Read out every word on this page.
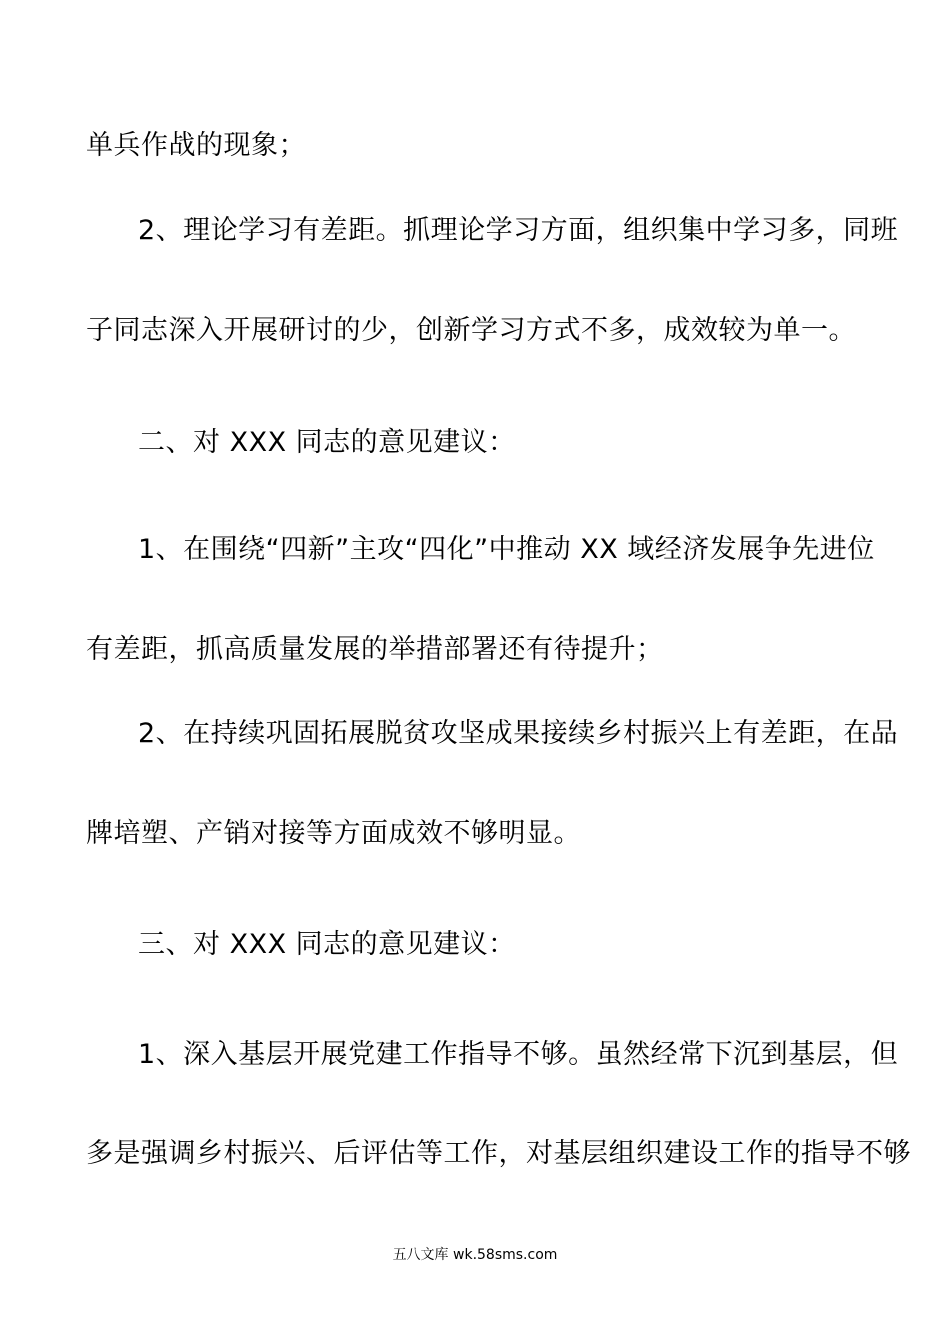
单兵作战的现象；
2、理论学习有差距。抓理论学习方面，组织集中学习多，同班
子同志深入开展研讨的少，创新学习方式不多，成效较为单一。
二、对 XXX 同志的意见建议：
1、在围绕“四新”主攻“四化”中推动 XX 域经济发展争先进位
有差距，抓高质量发展的举措部署还有待提升；
2、在持续巩固拓展脱贫攻坚成果接续乡村振兴上有差距，在品
牌培塑、产销对接等方面成效不够明显。
三、对 XXX 同志的意见建议：
1、深入基层开展党建工作指导不够。虽然经常下沉到基层，但
多是强调乡村振兴、后评估等工作，对基层组织建设工作的指导不够
五八文库 wk.58sms.com
